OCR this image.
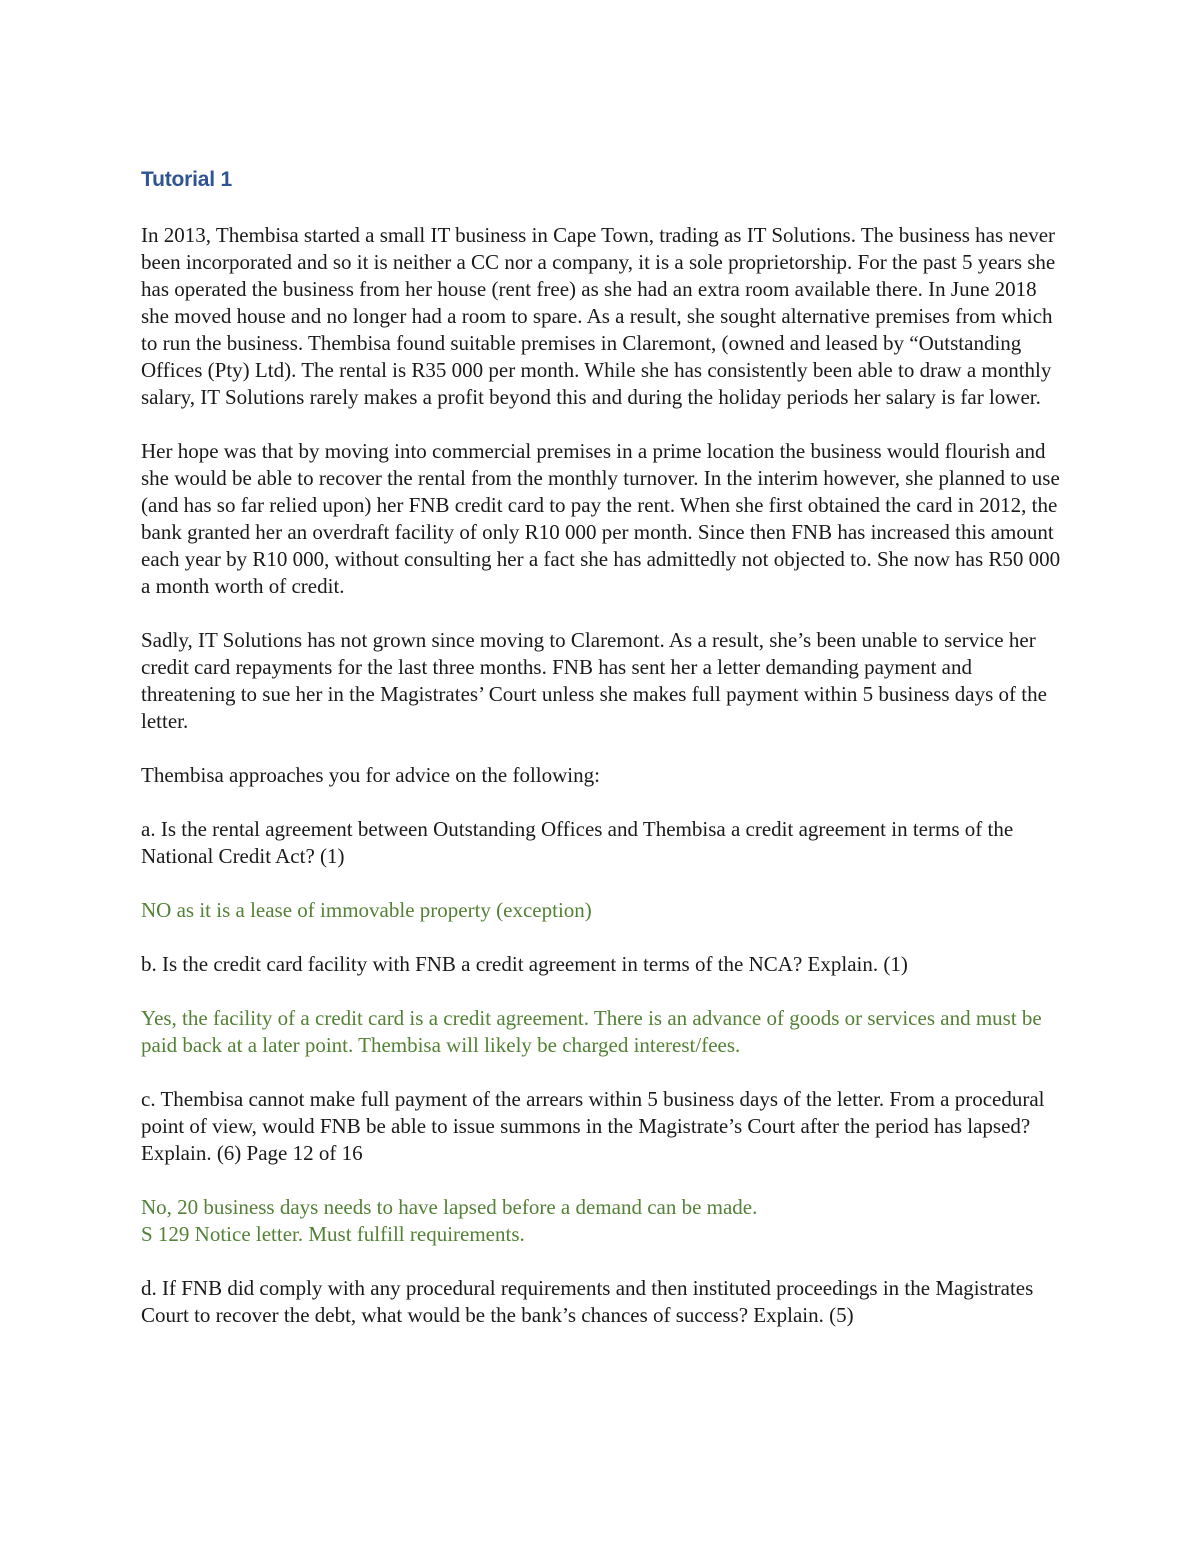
Tutorial 1

In 2013, Thembisa started a small IT business in Cape Town, trading as IT Solutions. The business has never been incorporated and so it is neither a CC nor a company, it is a sole proprietorship. For the past 5 years she has operated the business from her house (rent free) as she had an extra room available there. In June 2018 she moved house and no longer had a room to spare. As a result, she sought alternative premises from which to run the business. Thembisa found suitable premises in Claremont, (owned and leased by “Outstanding Offices (Pty) Ltd). The rental is R35 000 per month. While she has consistently been able to draw a monthly salary, IT Solutions rarely makes a profit beyond this and during the holiday periods her salary is far lower.

Her hope was that by moving into commercial premises in a prime location the business would flourish and she would be able to recover the rental from the monthly turnover. In the interim however, she planned to use (and has so far relied upon) her FNB credit card to pay the rent. When she first obtained the card in 2012, the bank granted her an overdraft facility of only R10 000 per month. Since then FNB has increased this amount each year by R10 000, without consulting her a fact she has admittedly not objected to. She now has R50 000 a month worth of credit.

Sadly, IT Solutions has not grown since moving to Claremont. As a result, she’s been unable to service her credit card repayments for the last three months. FNB has sent her a letter demanding payment and threatening to sue her in the Magistrates’ Court unless she makes full payment within 5 business days of the letter.

Thembisa approaches you for advice on the following:

a. Is the rental agreement between Outstanding Offices and Thembisa a credit agreement in terms of the National Credit Act? (1)

NO as it is a lease of immovable property (exception)

b. Is the credit card facility with FNB a credit agreement in terms of the NCA? Explain. (1)

Yes, the facility of a credit card is a credit agreement. There is an advance of goods or services and must be paid back at a later point. Thembisa will likely be charged interest/fees.

c. Thembisa cannot make full payment of the arrears within 5 business days of the letter. From a procedural point of view, would FNB be able to issue summons in the Magistrate’s Court after the period has lapsed? Explain. (6) Page 12 of 16

No, 20 business days needs to have lapsed before a demand can be made.

S 129 Notice letter. Must fulfill requirements.

d. If FNB did comply with any procedural requirements and then instituted proceedings in the Magistrates Court to recover the debt, what would be the bank’s chances of success? Explain. (5)
